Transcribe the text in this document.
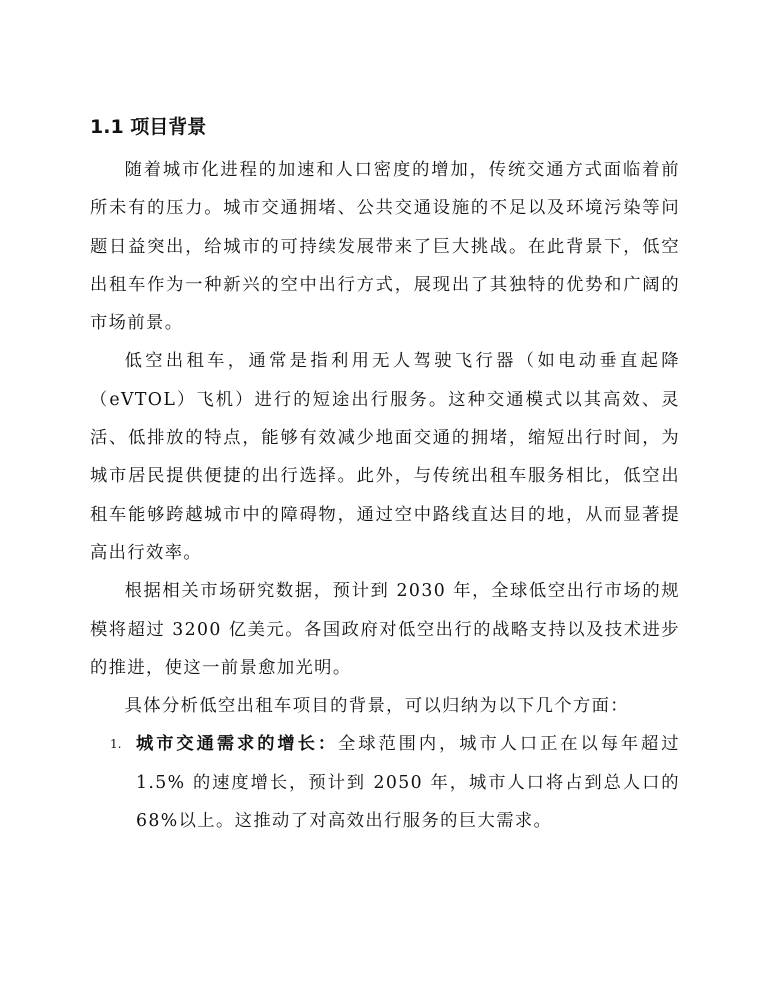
1.1 项目背景

随着城市化进程的加速和人口密度的增加，传统交通方式面临着前所未有的压力。城市交通拥堵、公共交通设施的不足以及环境污染等问题日益突出，给城市的可持续发展带来了巨大挑战。在此背景下，低空出租车作为一种新兴的空中出行方式，展现出了其独特的优势和广阔的市场前景。

低空出租车，通常是指利用无人驾驶飞行器（如电动垂直起降（eVTOL）飞机）进行的短途出行服务。这种交通模式以其高效、灵活、低排放的特点，能够有效减少地面交通的拥堵，缩短出行时间，为城市居民提供便捷的出行选择。此外，与传统出租车服务相比，低空出租车能够跨越城市中的障碍物，通过空中路线直达目的地，从而显著提高出行效率。

根据相关市场研究数据，预计到 2030 年，全球低空出行市场的规模将超过 3200 亿美元。各国政府对低空出行的战略支持以及技术进步的推进，使这一前景愈加光明。

具体分析低空出租车项目的背景，可以归纳为以下几个方面：

1. 城市交通需求的增长：全球范围内，城市人口正在以每年超过 1.5% 的速度增长，预计到 2050 年，城市人口将占到总人口的 68%以上。这推动了对高效出行服务的巨大需求。
